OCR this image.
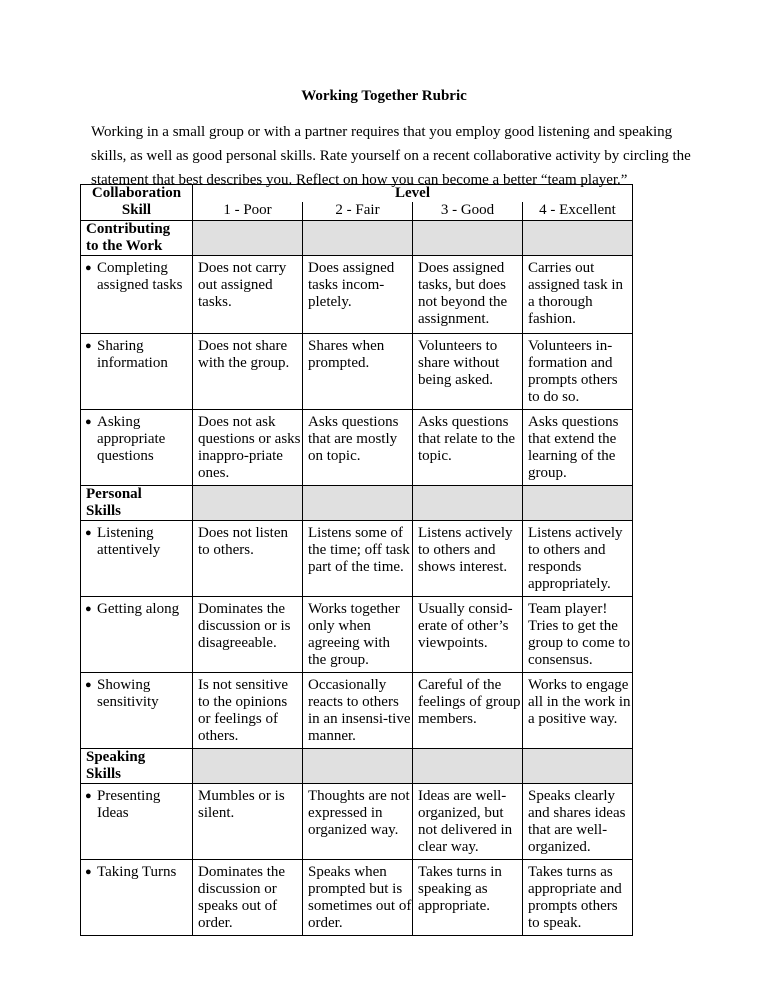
Working Together Rubric
Working in a small group or with a partner requires that you employ good listening and speaking skills, as well as good personal skills. Rate yourself on a recent collaborative activity by circling the statement that best describes you. Reflect on how you can become a better “team player.”
Collaboration	Level			
Skill	1 - Poor	2 - Fair	3 - Good	4 - Excellent

Contributing
to the Work				

● Completing assigned tasks	Does not carry out assigned tasks.	Does assigned tasks incom-pletely.	Does assigned tasks, but does not beyond the assignment.	Carries out assigned task in a thorough fashion.

● Sharing information	Does not share with the group.	Shares when prompted.	Volunteers to share without being asked.	Volunteers in-formation and prompts others to do so.

● Asking appropriate questions	Does not ask questions or asks inappro-priate ones.	Asks questions that are mostly on topic.	Asks questions that relate to the topic.	Asks questions that extend the learning of the group.

Personal
Skills				

● Listening attentively	Does not listen to others.	Listens some of the time; off task part of the time.	Listens actively to others and shows interest.	Listens actively to others and responds appropriately.

● Getting along	Dominates the discussion or is disagreeable.	Works together only when agreeing with the group.	Usually consid-erate of other’s viewpoints.	Team player! Tries to get the group to come to consensus.

● Showing sensitivity	Is not sensitive to the opinions or feelings of others.	Occasionally reacts to others in an insensi-tive manner.	Careful of the feelings of group members.	Works to engage all in the work in a positive way.

Speaking
Skills				

● Presenting Ideas	Mumbles or is silent.	Thoughts are not expressed in organized way.	Ideas are well-organized, but not delivered in clear way.	Speaks clearly and shares ideas that are well-organized.

● Taking Turns	Dominates the discussion or speaks out of order.	Speaks when prompted but is sometimes out of order.	Takes turns in speaking as appropriate.	Takes turns as appropriate and prompts others to speak.
